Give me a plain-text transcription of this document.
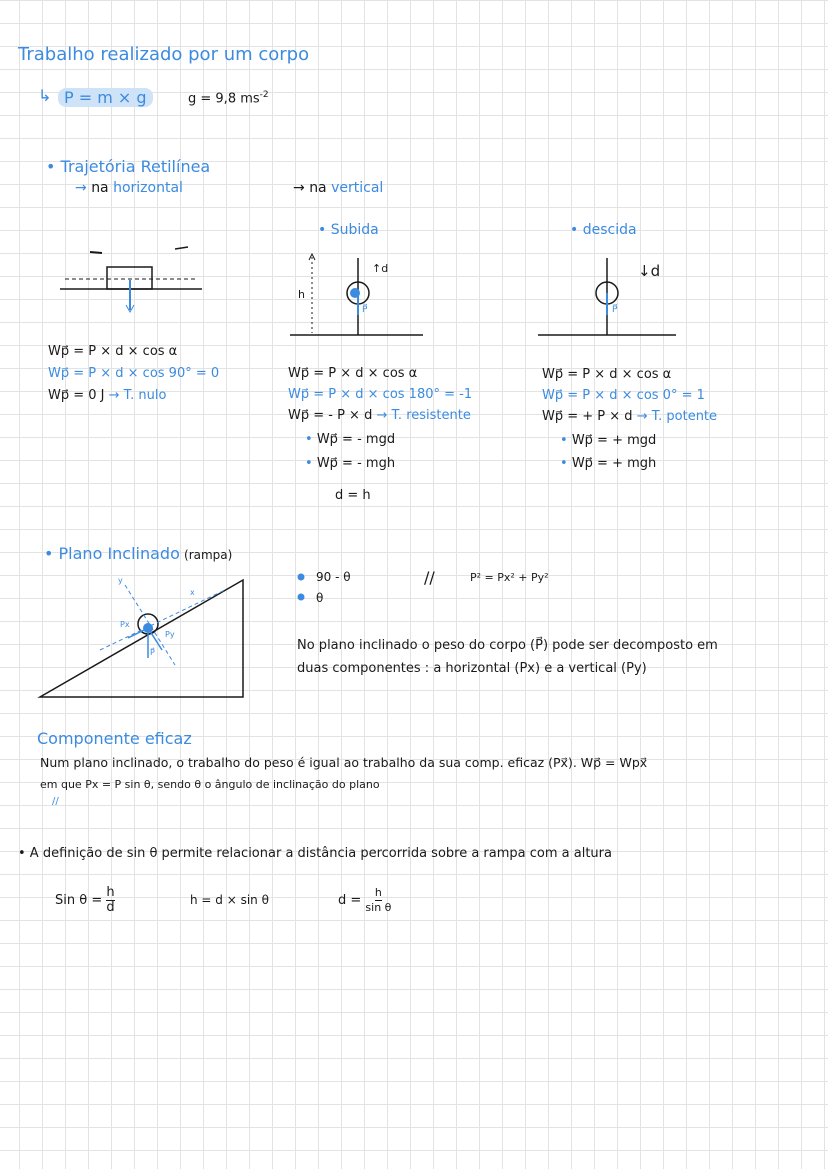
Trabalho realizado por um corpo
↳ P = m × g	g = 9,8 $ms^{-2}$
• Trajetória Retilínea
→ na horizontal	→ na vertical
• Subida	• descida
↑d
h
P⃗
↓d
P⃗
Wp⃗ = P × d × cos α
Wp⃗ = P × d × cos 90° = 0
Wp⃗ = 0 J → T. nulo
Wp⃗ = P × d × cos α
Wp⃗ = P × d × cos 180° = -1
Wp⃗ = - P × d → T. resistente
• Wp⃗ = - mgd
• Wp⃗ = - mgh
d = h
Wp⃗ = P × d × cos α
Wp⃗ = P × d × cos 0° = 1
Wp⃗ = + P × d → T. potente
• Wp⃗ = + mgd
• Wp⃗ = + mgh
• Plano Inclinado (rampa)
y
x
Px
Py
P⃗
90 - θ
θ
//	P² = Px² + Py²
No plano inclinado o peso do corpo (P⃗) pode ser decomposto em
duas componentes : a horizontal (Px) e a vertical (Py)
Componente eficaz
Num plano inclinado, o trabalho do peso é igual ao trabalho da sua comp. eficaz (Px⃗). Wp⃗ = Wpx⃗
em que Px = P sin θ, sendo θ o ângulo de inclinação do plano
//
• A definição de sin θ permite relacionar a distância percorrida sobre a rampa com a altura
Sin $\theta = \frac{h}{d}$	h = d × sin θ	$d = \frac{h}{\text{sin θ}}$
